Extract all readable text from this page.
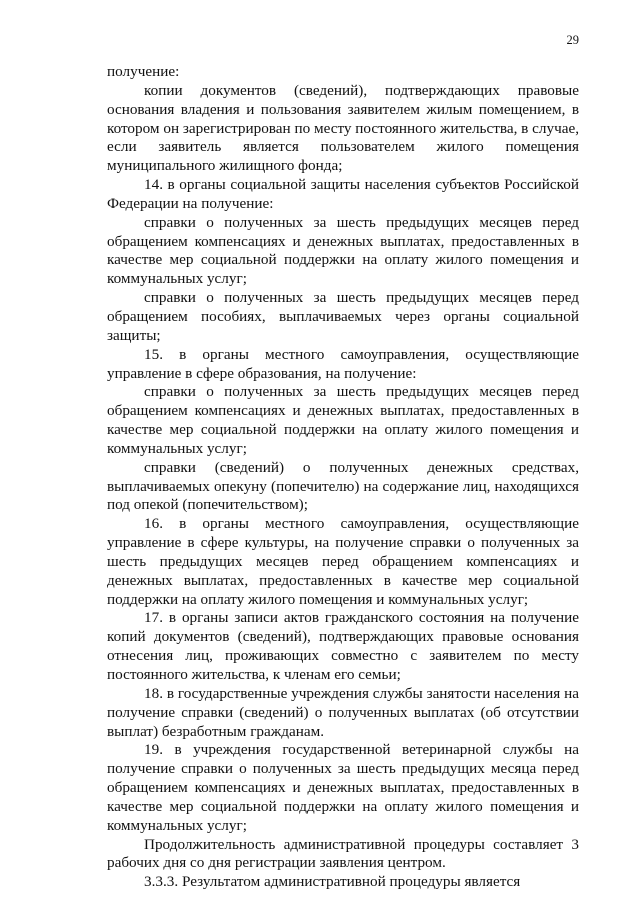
29

получение:

копии документов (сведений), подтверждающих правовые основания владения и пользования заявителем жилым помещением, в котором он зарегистрирован по месту постоянного жительства, в случае, если заявитель является пользователем жилого помещения муниципального жилищного фонда;

14. в органы социальной защиты населения субъектов Российской Федерации на получение:

справки о полученных за шесть предыдущих месяцев перед обращением компенсациях и денежных выплатах, предоставленных в качестве мер социальной поддержки на оплату жилого помещения и коммунальных услуг;

справки о полученных за шесть предыдущих месяцев перед обращением пособиях, выплачиваемых через органы социальной защиты;

15. в органы местного самоуправления, осуществляющие управление в сфере образования, на получение:

справки о полученных за шесть предыдущих месяцев перед обращением компенсациях и денежных выплатах, предоставленных в качестве мер социальной поддержки на оплату жилого помещения и коммунальных услуг;

справки (сведений) о полученных денежных средствах, выплачиваемых опекуну (попечителю) на содержание лиц, находящихся под опекой (попечительством);

16. в органы местного самоуправления, осуществляющие управление в сфере культуры, на получение справки о полученных за шесть предыдущих месяцев перед обращением компенсациях и денежных выплатах, предоставленных в качестве мер социальной поддержки на оплату жилого помещения и коммунальных услуг;

17. в органы записи актов гражданского состояния на получение копий документов (сведений), подтверждающих правовые основания отнесения лиц, проживающих совместно с заявителем по месту постоянного жительства, к членам его семьи;

18. в государственные учреждения службы занятости населения на получение справки (сведений) о полученных выплатах (об отсутствии выплат) безработным гражданам.

19. в учреждения государственной ветеринарной службы на получение справки о полученных за шесть предыдущих месяца перед обращением компенсациях и денежных выплатах, предоставленных в качестве мер социальной поддержки на оплату жилого помещения и коммунальных услуг;

Продолжительность административной процедуры составляет 3 рабочих дня со дня регистрации заявления центром.

3.3.3. Результатом административной процедуры является
